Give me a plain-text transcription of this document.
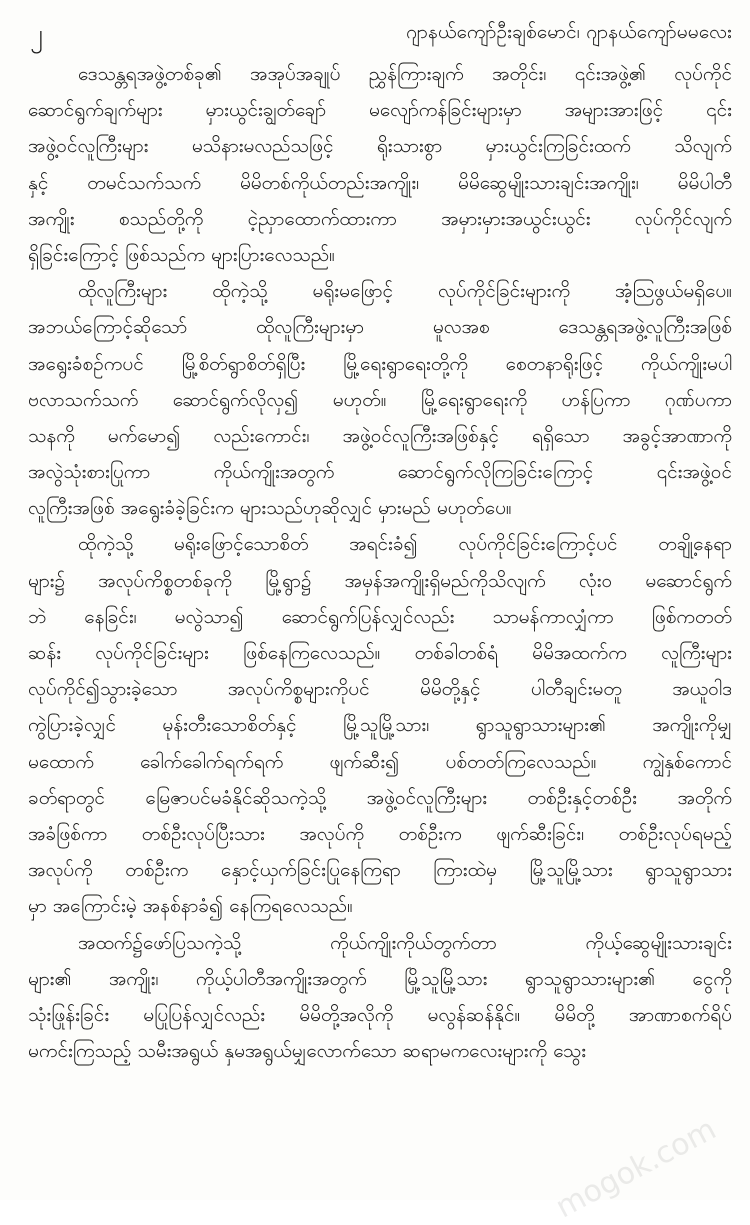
၂	ဂျာနယ်ကျော်ဦးချစ်မောင်၊ ဂျာနယ်ကျော်မမလေး
ဒေသန္တရအဖွဲ့တစ်ခု၏ အအုပ်အချုပ် ညွှန်ကြားချက် အတိုင်း၊ ၎င်းအဖွဲ့၏ လုပ်ကိုင်
ဆောင်ရွက်ချက်များ မှားယွင်းချွတ်ချော် မလျော်ကန်ခြင်းများမှာ အများအားဖြင့် ၎င်း
အဖွဲ့ဝင်လူကြီးများ မသိနားမလည်သဖြင့် ရိုးသားစွာ မှားယွင်းကြခြင်းထက် သိလျက်
နှင့် တမင်သက်သက် မိမိတစ်ကိုယ်တည်းအကျိုး၊ မိမိဆွေမျိုးသားချင်းအကျိုး၊ မိမိပါတီ
အကျိုး စသည်တို့ကို ငဲ့ညှာထောက်ထားကာ အမှားမှားအယွင်းယွင်း လုပ်ကိုင်လျက်
ရှိခြင်းကြောင့် ဖြစ်သည်က များပြားလေသည်။
ထိုလူကြီးများ ထိုကဲ့သို့ မရိုးမဖြောင့် လုပ်ကိုင်ခြင်းများကို အံ့သြဖွယ်မရှိပေ။
အဘယ်ကြောင့်ဆိုသော် ထိုလူကြီးများမှာ မူလအစ ဒေသန္တရအဖွဲ့လူကြီးအဖြစ်
အရွေးခံစဉ်ကပင် မြို့စိတ်ရွာစိတ်ရှိပြီး မြို့ရေးရွာရေးတို့ကို စေတနာရိုးဖြင့် ကိုယ်ကျိုးမပါ
ဗလာသက်သက် ဆောင်ရွက်လိုလှ၍ မဟုတ်။ မြို့ရေးရွာရေးကို ဟန်ပြကာ ဂုဏ်ပကာ
သနကို မက်မော၍ လည်းကောင်း၊ အဖွဲ့ဝင်လူကြီးအဖြစ်နှင့် ရရှိသော အခွင့်အာဏာကို
အလွဲသုံးစားပြုကာ ကိုယ်ကျိုးအတွက် ဆောင်ရွက်လိုကြခြင်းကြောင့် ၎င်းအဖွဲ့ဝင်
လူကြီးအဖြစ် အရွေးခံခဲ့ခြင်းက များသည်ဟုဆိုလျှင် မှားမည် မဟုတ်ပေ။
ထိုကဲ့သို့ မရိုးဖြောင့်သောစိတ် အရင်းခံ၍ လုပ်ကိုင်ခြင်းကြောင့်ပင် တချို့နေရာ
များ၌ အလုပ်ကိစ္စတစ်ခုကို မြို့ရွာ၌ အမှန်အကျိုးရှိမည်ကိုသိလျက် လုံးဝ မဆောင်ရွက်
ဘဲ နေခြင်း၊ မလွဲသာ၍ ဆောင်ရွက်ပြန်လျှင်လည်း သာမန်ကာလျှံကာ ဖြစ်ကတတ်
ဆန်း လုပ်ကိုင်ခြင်းများ ဖြစ်နေကြလေသည်။ တစ်ခါတစ်ရံ မိမိအထက်က လူကြီးများ
လုပ်ကိုင်၍သွားခဲ့သော အလုပ်ကိစ္စများကိုပင် မိမိတို့နှင့် ပါတီချင်းမတူ အယူဝါဒ
ကွဲပြားခဲ့လျှင် မုန်းတီးသောစိတ်နှင့် မြို့သူမြို့သား၊ ရွာသူရွာသားများ၏ အကျိုးကိုမျှ
မထောက် ခေါက်ခေါက်ရက်ရက် ဖျက်ဆီး၍ ပစ်တတ်ကြလေသည်။ ကျွဲနှစ်ကောင်
ခတ်ရာတွင် မြေဇာပင်မခံနိုင်ဆိုသကဲ့သို့ အဖွဲ့ဝင်လူကြီးများ တစ်ဦးနှင့်တစ်ဦး အတိုက်
အခံဖြစ်ကာ တစ်ဦးလုပ်ပြီးသား အလုပ်ကို တစ်ဦးက ဖျက်ဆီးခြင်း၊ တစ်ဦးလုပ်ရမည့်
အလုပ်ကို တစ်ဦးက နှောင့်ယှက်ခြင်းပြုနေကြရာ ကြားထဲမှ မြို့သူမြို့သား ရွာသူရွာသား
မှာ အကြောင်းမဲ့ အနစ်နာခံ၍ နေကြရလေသည်။
အထက်၌ဖော်ပြသကဲ့သို့ ကိုယ်ကျိုးကိုယ်တွက်တာ ကိုယ့်ဆွေမျိုးသားချင်း
များ၏ အကျိုး၊ ကိုယ့်ပါတီအကျိုးအတွက် မြို့သူမြို့သား ရွာသူရွာသားများ၏ ငွေကို
သုံးဖြုန်းခြင်း မပြုပြန်လျှင်လည်း မိမိတို့အလိုကို မလွန်ဆန်နိုင်။ မိမိတို့ အာဏာစက်ရိပ်
မကင်းကြသည့် သမီးအရွယ် နှမအရွယ်မျှလောက်သော ဆရာမကလေးများကို သွေး
mogok.com
